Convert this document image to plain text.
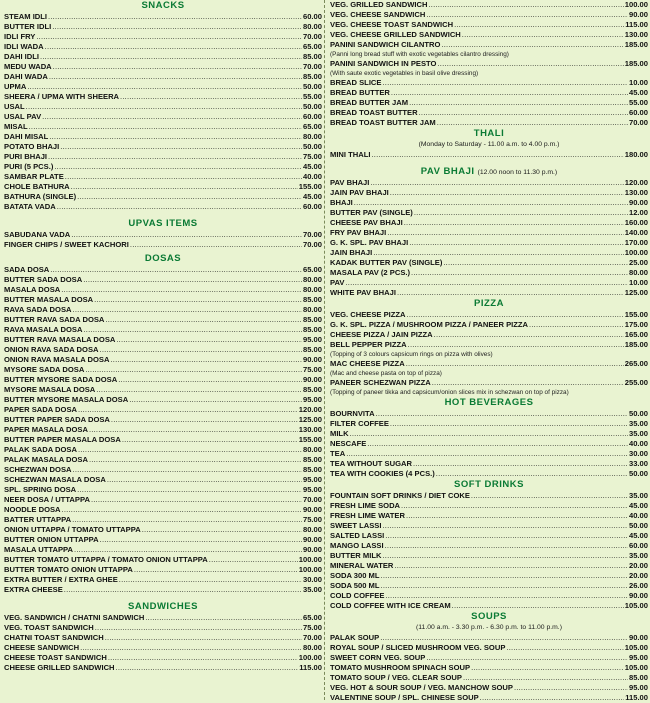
SNACKS
STEAM IDLI .....	60.00
BUTTER IDLI .....	80.00
IDLI FRY .....	70.00
IDLI WADA .....	65.00
DAHI IDLI .....	85.00
MEDU WADA .....	70.00
DAHI WADA .....	85.00
UPMA .....	50.00
SHEERA / UPMA WITH SHEERA .....	55.00
USAL .....	50.00
USAL PAV .....	60.00
MISAL .....	65.00
DAHI MISAL .....	80.00
POTATO BHAJI .....	50.00
PURI BHAJI .....	75.00
PURI (5 PCS.) .....	45.00
SAMBAR PLATE .....	40.00
CHOLE BATHURA .....	155.00
BATHURA (SINGLE) .....	45.00
BATATA VADA .....	60.00
UPVAS ITEMS
SABUDANA VADA .....	70.00
FINGER CHIPS / SWEET KACHORI .....	70.00
DOSAS
SADA DOSA .....	65.00
BUTTER SADA DOSA .....	80.00
MASALA DOSA .....	80.00
BUTTER MASALA DOSA .....	85.00
RAVA SADA DOSA .....	80.00
BUTTER RAVA SADA DOSA .....	85.00
RAVA MASALA DOSA .....	85.00
BUTTER RAVA MASALA DOSA .....	95.00
ONION RAVA SADA DOSA .....	85.00
ONION RAVA MASALA DOSA .....	90.00
MYSORE SADA DOSA .....	75.00
BUTTER MYSORE SADA DOSA .....	90.00
MYSORE MASALA DOSA .....	85.00
BUTTER MYSORE MASALA DOSA .....	95.00
PAPER SADA DOSA .....	120.00
BUTTER PAPER SADA DOSA .....	125.00
PAPER MASALA DOSA .....	130.00
BUTTER PAPER MASALA DOSA .....	155.00
PALAK SADA DOSA .....	80.00
PALAK MASALA DOSA .....	85.00
SCHEZWAN DOSA .....	85.00
SCHEZWAN MASALA DOSA .....	95.00
SPL. SPRING DOSA .....	95.00
NEER DOSA / UTTAPPA .....	70.00
NOODLE DOSA .....	90.00
BATTER UTTAPPA .....	75.00
ONION UTTAPPA / TOMATO UTTAPPA .....	80.00
BUTTER ONION UTTAPPA .....	90.00
MASALA UTTAPPA .....	90.00
BUTTER TOMATO UTTAPPA / TOMATO ONION UTTAPPA .....	100.00
BUTTER TOMATO ONION UTTAPPA .....	100.00
EXTRA BUTTER / EXTRA GHEE .....	30.00
EXTRA CHEESE .....	35.00
SANDWICHES
VEG. SANDWICH / CHATNI SANDWICH .....	65.00
VEG. TOAST SANDWICH .....	75.00
CHATNI TOAST SANDWICH .....	70.00
CHEESE SANDWICH .....	80.00
CHEESE TOAST SANDWICH .....	100.00
CHEESE GRILLED SANDWICH .....	115.00
VEG. GRILLED SANDWICH .....	100.00
VEG. CHEESE SANDWICH .....	90.00
VEG. CHEESE TOAST SANDWICH .....	115.00
VEG. CHEESE GRILLED SANDWICH .....	130.00
PANINI SANDWICH CILANTRO .....	185.00
(Panni long bread stuff with exotic vegetables cilantro dressing)
PANINI SANDWICH IN PESTO .....	185.00
(With saute exotic vegetables in basil olive dressing)
BREAD SLICE .....	10.00
BREAD BUTTER .....	45.00
BREAD BUTTER JAM .....	55.00
BREAD TOAST BUTTER .....	60.00
BREAD TOAST BUTTER JAM .....	70.00
THALI
(Monday to Saturday - 11.00 a.m. to 4.00 p.m.)
MINI THALI .....	180.00
PAV BHAJI (12.00 noon to 11.30 p.m.)
PAV BHAJI .....	120.00
JAIN PAV BHAJI .....	130.00
BHAJI .....	90.00
BUTTER PAV (SINGLE) .....	12.00
CHEESE PAV BHAJI .....	160.00
FRY PAV BHAJI .....	140.00
G. K. SPL. PAV BHAJI .....	170.00
JAIN BHAJI .....	100.00
KADAK BUTTER PAV (SINGLE) .....	25.00
MASALA PAV (2 PCS.) .....	80.00
PAV .....	10.00
WHITE PAV BHAJI .....	125.00
PIZZA
VEG. CHEESE PIZZA .....	155.00
G. K. SPL. PIZZA / MUSHROOM PIZZA / PANEER PIZZA .....	175.00
CHEESE PIZZA / JAIN PIZZA .....	165.00
BELL PEPPER PIZZA .....	185.00
(Topping of 3 colours capsicum rings on pizza with olives)
MAC CHEESE PIZZA .....	265.00
(Mac and cheese pasta on top of pizza)
PANEER SCHEZWAN PIZZA .....	255.00
(Topping of paneer tikka and capsicum/onion slices mix in schezwan on top of pizza)
HOT BEVERAGES
BOURNVITA .....	50.00
FILTER COFFEE .....	35.00
MILK .....	35.00
NESCAFE .....	40.00
TEA .....	30.00
TEA WITHOUT SUGAR .....	33.00
TEA WITH COOKIES (4 PCS.) .....	50.00
SOFT DRINKS
FOUNTAIN SOFT DRINKS / DIET COKE .....	35.00
FRESH LIME SODA .....	45.00
FRESH LIME WATER .....	40.00
SWEET LASSI .....	50.00
SALTED LASSI .....	45.00
MANGO LASSI .....	60.00
BUTTER MILK .....	35.00
MINERAL WATER .....	20.00
SODA 300 ML .....	20.00
SODA 500 ML .....	26.00
COLD COFFEE .....	90.00
COLD COFFEE WITH ICE CREAM .....	105.00
SOUPS
(11.00 a.m. - 3.30 p.m. - 6.30 p.m. to 11.00 p.m.)
PALAK SOUP .....	90.00
ROYAL SOUP / SLICED MUSHROOM VEG. SOUP .....	105.00
SWEET CORN VEG. SOUP .....	95.00
TOMATO MUSHROOM SPINACH SOUP .....	105.00
TOMATO SOUP / VEG. CLEAR SOUP .....	85.00
VEG. HOT & SOUR SOUP / VEG. MANCHOW SOUP .....	95.00
VALENTINE SOUP / SPL. CHINESE SOUP .....	115.00
